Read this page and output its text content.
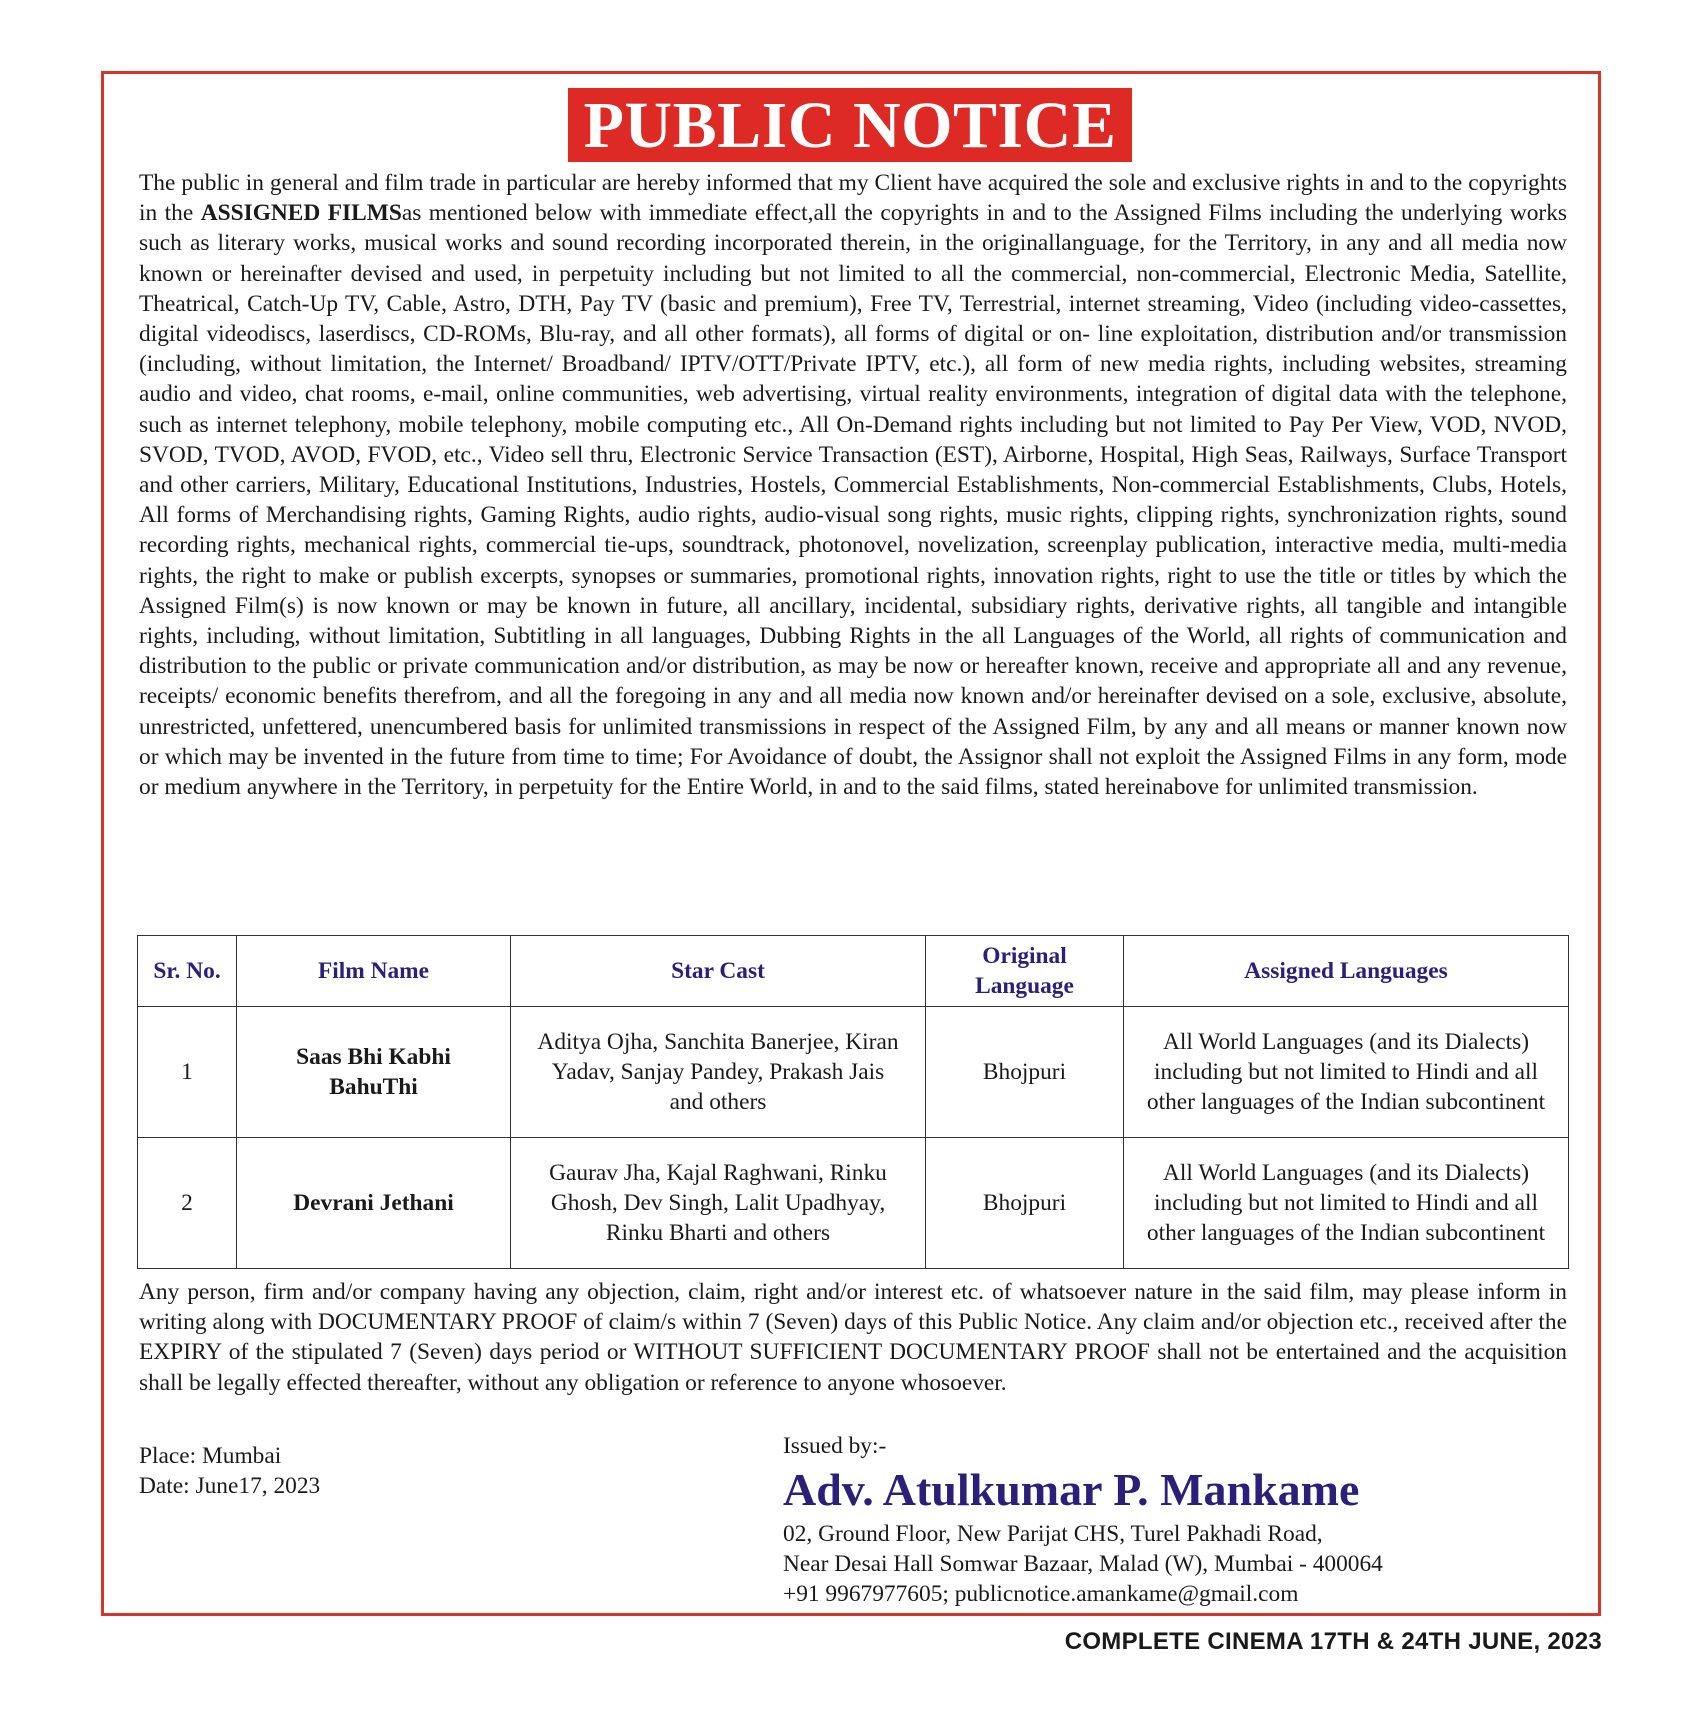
PUBLIC NOTICE

The public in general and film trade in particular are hereby informed that my Client have acquired the sole and exclusive rights in and to the copyrights in the ASSIGNED FILMSas mentioned below with immediate effect,all the copyrights in and to the Assigned Films including the underlying works such as literary works, musical works and sound recording incorporated therein, in the originallanguage, for the Territory, in any and all media now known or hereinafter devised and used, in perpetuity including but not limited to all the commercial, non-commercial, Electronic Media, Satellite, Theatrical, Catch-Up TV, Cable, Astro, DTH, Pay TV (basic and premium), Free TV, Terrestrial, internet streaming, Video (including video-cassettes, digital videodiscs, laserdiscs, CD-ROMs, Blu-ray, and all other formats), all forms of digital or on- line exploitation, distribution and/or transmission (including, without limitation, the Internet/ Broadband/ IPTV/OTT/Private IPTV, etc.), all form of new media rights, including websites, streaming audio and video, chat rooms, e-mail, online communities, web advertising, virtual reality environments, integration of digital data with the telephone, such as internet telephony, mobile telephony, mobile computing etc., All On-Demand rights including but not limited to Pay Per View, VOD, NVOD, SVOD, TVOD, AVOD, FVOD, etc., Video sell thru, Electronic Service Transaction (EST), Airborne, Hospital, High Seas, Railways, Surface Transport and other carriers, Military, Educational Institutions, Industries, Hostels, Commercial Establishments, Non-commercial Establishments, Clubs, Hotels, All forms of Merchandising rights, Gaming Rights, audio rights, audio-visual song rights, music rights, clipping rights, synchronization rights, sound recording rights, mechanical rights, commercial tie-ups, soundtrack, photonovel, novelization, screenplay publication, interactive media, multi-media rights, the right to make or publish excerpts, synopses or summaries, promotional rights, innovation rights, right to use the title or titles by which the Assigned Film(s) is now known or may be known in future, all ancillary, incidental, subsidiary rights, derivative rights, all tangible and intangible rights, including, without limitation, Subtitling in all languages, Dubbing Rights in the all Languages of the World, all rights of communication and distribution to the public or private communication and/or distribution, as may be now or hereafter known, receive and appropriate all and any revenue, receipts/ economic benefits therefrom, and all the foregoing in any and all media now known and/or hereinafter devised on a sole, exclusive, absolute, unrestricted, unfettered, unencumbered basis for unlimited transmissions in respect of the Assigned Film, by any and all means or manner known now or which may be invented in the future from time to time; For Avoidance of doubt, the Assignor shall not exploit the Assigned Films in any form, mode or medium anywhere in the Territory, in perpetuity for the Entire World, in and to the said films, stated hereinabove for unlimited transmission.

Sr. No.	Film Name	Star Cast	Original Language	Assigned Languages
1	Saas Bhi Kabhi BahuThi	Aditya Ojha, Sanchita Banerjee, Kiran Yadav, Sanjay Pandey, Prakash Jais and others	Bhojpuri	All World Languages (and its Dialects) including but not limited to Hindi and all other languages of the Indian subcontinent
2	Devrani Jethani	Gaurav Jha, Kajal Raghwani, Rinku Ghosh, Dev Singh, Lalit Upadhyay, Rinku Bharti and others	Bhojpuri	All World Languages (and its Dialects) including but not limited to Hindi and all other languages of the Indian subcontinent

Any person, firm and/or company having any objection, claim, right and/or interest etc. of whatsoever nature in the said film, may please inform in writing along with DOCUMENTARY PROOF of claim/s within 7 (Seven) days of this Public Notice. Any claim and/or objection etc., received after the EXPIRY of the stipulated 7 (Seven) days period or WITHOUT SUFFICIENT DOCUMENTARY PROOF shall not be entertained and the acquisition shall be legally effected thereafter, without any obligation or reference to anyone whosoever.

Place: Mumbai
Date: June17, 2023
Issued by:-
Adv. Atulkumar P. Mankame
02, Ground Floor, New Parijat CHS, Turel Pakhadi Road,
Near Desai Hall Somwar Bazaar, Malad (W), Mumbai - 400064
+91 9967977605; publicnotice.amankame@gmail.com
COMPLETE CINEMA 17TH & 24TH JUNE, 2023
